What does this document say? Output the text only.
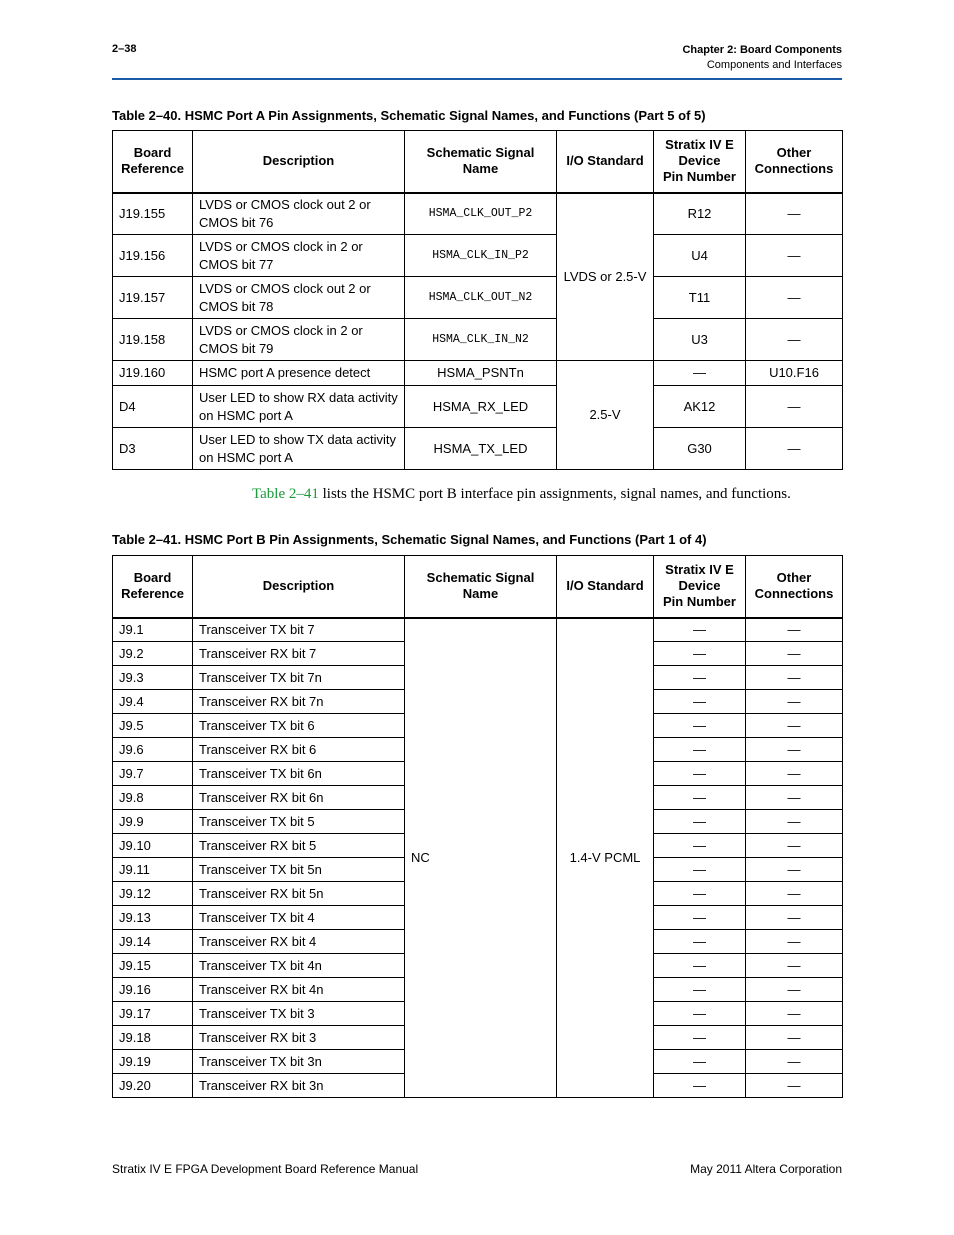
2–38	Chapter 2: Board Components
Components and Interfaces
Table 2–40. HSMC Port A Pin Assignments, Schematic Signal Names, and Functions (Part 5 of 5)
Board
Reference	Description	Schematic Signal
Name	I/O Standard	Stratix IV E
Device
Pin Number	Other
Connections
J19.155	LVDS or CMOS clock out 2 or
CMOS bit 76	HSMA_CLK_OUT_P2	LVDS or 2.5-V	R12	—
J19.156	LVDS or CMOS clock in 2 or
CMOS bit 77	HSMA_CLK_IN_P2		U4	—
J19.157	LVDS or CMOS clock out 2 or
CMOS bit 78	HSMA_CLK_OUT_N2		T11	—
J19.158	LVDS or CMOS clock in 2 or
CMOS bit 79	HSMA_CLK_IN_N2		U3	—
J19.160	HSMC port A presence detect	HSMA_PSNTn	2.5-V	—	U10.F16
D4	User LED to show RX data activity
on HSMC port A	HSMA_RX_LED		AK12	—
D3	User LED to show TX data activity
on HSMC port A	HSMA_TX_LED		G30	—
Table 2–41 lists the HSMC port B interface pin assignments, signal names, and functions.
Table 2–41. HSMC Port B Pin Assignments, Schematic Signal Names, and Functions (Part 1 of 4)
Board
Reference	Description	Schematic Signal
Name	I/O Standard	Stratix IV E
Device
Pin Number	Other
Connections
J9.1	Transceiver TX bit 7	NC	1.4-V PCML	—	—
J9.2	Transceiver RX bit 7			—	—
J9.3	Transceiver TX bit 7n			—	—
J9.4	Transceiver RX bit 7n			—	—
J9.5	Transceiver TX bit 6			—	—
J9.6	Transceiver RX bit 6			—	—
J9.7	Transceiver TX bit 6n			—	—
J9.8	Transceiver RX bit 6n			—	—
J9.9	Transceiver TX bit 5			—	—
J9.10	Transceiver RX bit 5			—	—
J9.11	Transceiver TX bit 5n			—	—
J9.12	Transceiver RX bit 5n			—	—
J9.13	Transceiver TX bit 4			—	—
J9.14	Transceiver RX bit 4			—	—
J9.15	Transceiver TX bit 4n			—	—
J9.16	Transceiver RX bit 4n			—	—
J9.17	Transceiver TX bit 3			—	—
J9.18	Transceiver RX bit 3			—	—
J9.19	Transceiver TX bit 3n			—	—
J9.20	Transceiver RX bit 3n			—	—
Stratix IV E FPGA Development Board Reference Manual	May 2011 Altera Corporation
